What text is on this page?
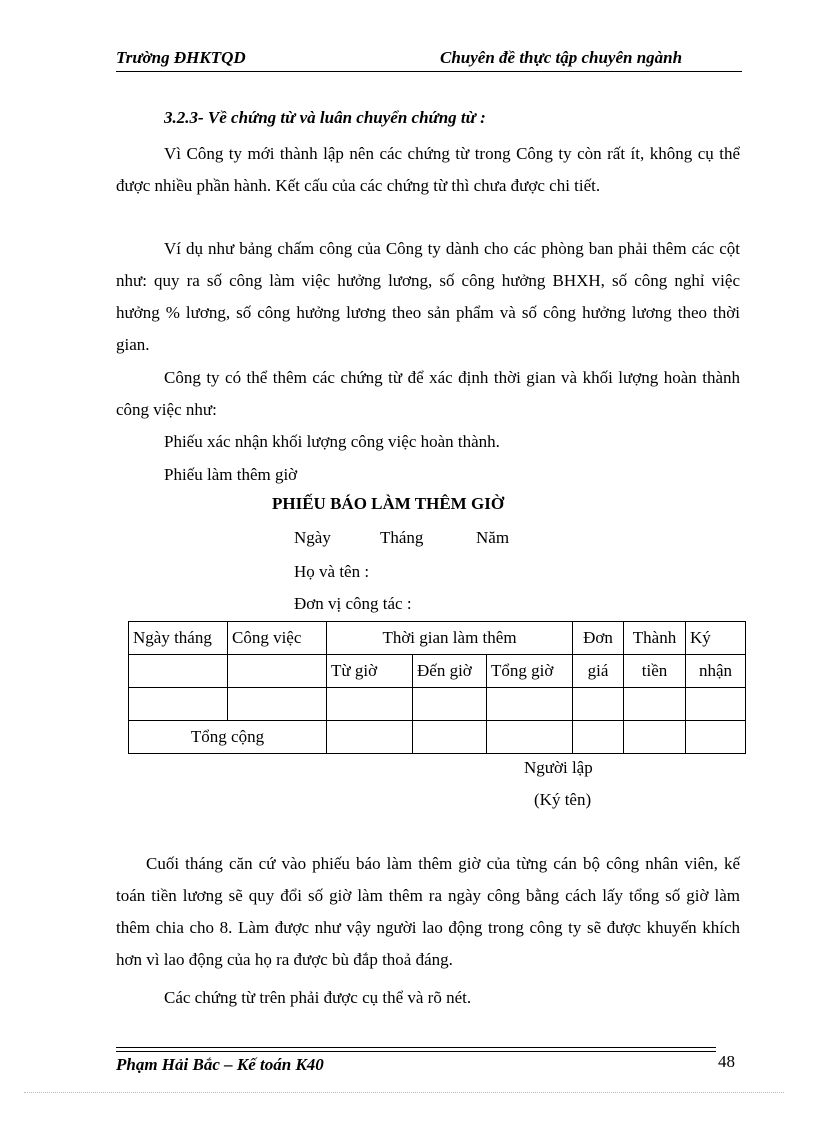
Trường ĐHKTQD	Chuyên đề thực tập chuyên ngành
3.2.3- Về chứng từ và luân chuyển chứng từ :

Vì Công ty mới thành lập nên các chứng từ trong Công ty còn rất ít, không cụ thể được nhiều phần hành. Kết cấu của các chứng từ thì chưa được chi tiết.

Ví dụ như bảng chấm công của Công ty dành cho các phòng ban phải thêm các cột như: quy ra số công làm việc hưởng lương, số công hưởng BHXH, số công nghỉ việc hưởng % lương, số công hưởng lương theo sản phẩm và số công hưởng lương theo thời gian.

Công ty có thể thêm các chứng từ để xác định thời gian và khối lượng hoàn thành công việc như:

Phiếu xác nhận khối lượng công việc hoàn thành.
Phiếu làm thêm giờ
PHIẾU BÁO LÀM THÊM GIỜ
Ngày	Tháng	Năm
Họ và tên :
Đơn vị công tác :
Ngày tháng	Công việc	Thời gian làm thêm			Đơn	Thành	Ký
		Từ giờ	Đến giờ	Tổng giờ	giá	tiền	nhận

Tổng cộng							
Người lập
(Ký tên)

Cuối tháng căn cứ vào phiếu báo làm thêm giờ của từng cán bộ công nhân viên, kế toán tiền lương sẽ quy đổi số giờ làm thêm ra ngày công bằng cách lấy tổng số giờ làm thêm chia cho 8. Làm được như vậy người lao động trong công ty sẽ được khuyến khích hơn vì lao động của họ ra được bù đắp thoả đáng.

Các chứng từ trên phải được cụ thể và rõ nét.

Phạm Hải Bắc – Kế toán K40	48
